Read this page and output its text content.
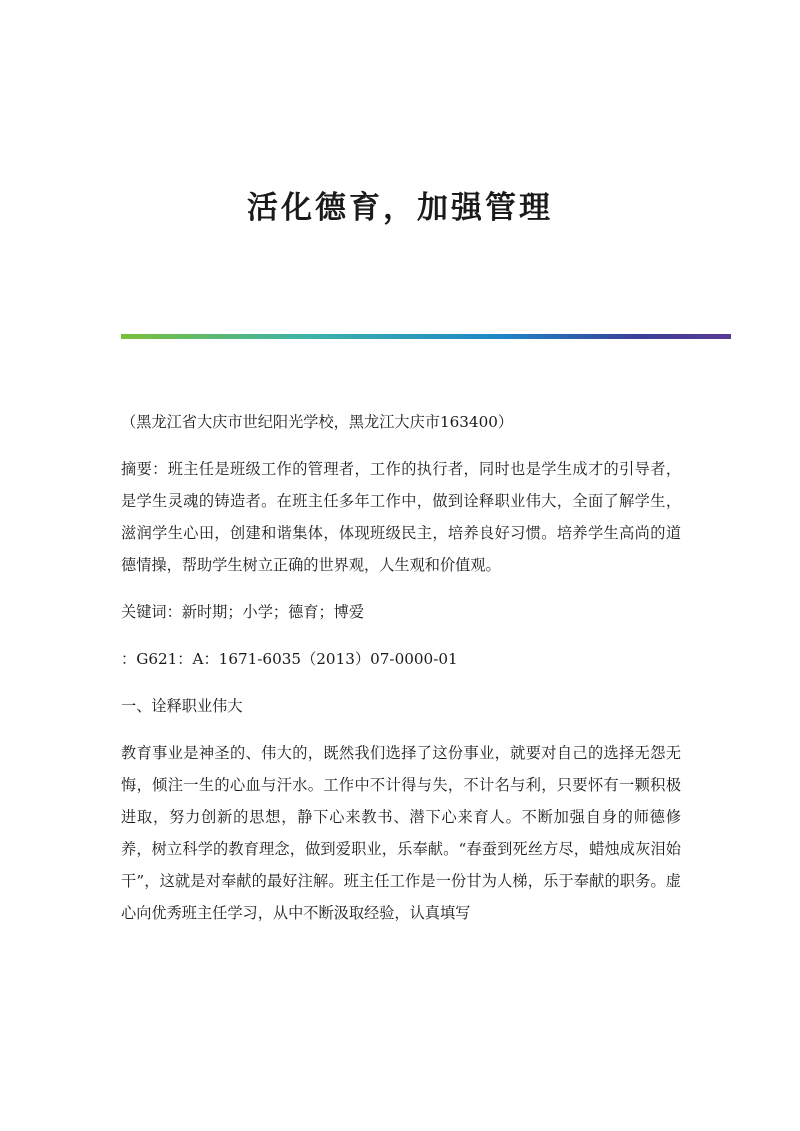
活化德育，加强管理

（黑龙江省大庆市世纪阳光学校，黑龙江大庆市163400）

摘要：班主任是班级工作的管理者，工作的执行者，同时也是学生成才的引导者，是学生灵魂的铸造者。在班主任多年工作中，做到诠释职业伟大，全面了解学生，滋润学生心田，创建和谐集体，体现班级民主，培养良好习惯。培养学生高尚的道德情操，帮助学生树立正确的世界观，人生观和价值观。

关键词：新时期；小学；德育；博爱

：G621：A：1671-6035（2013）07-0000-01

一、诠释职业伟大

教育事业是神圣的、伟大的，既然我们选择了这份事业，就要对自己的选择无怨无悔，倾注一生的心血与汗水。工作中不计得与失，不计名与利，只要怀有一颗积极进取，努力创新的思想，静下心来教书、潜下心来育人。不断加强自身的师德修养，树立科学的教育理念，做到爱职业，乐奉献。“春蚕到死丝方尽，蜡烛成灰泪始干”，这就是对奉献的最好注解。班主任工作是一份甘为人梯，乐于奉献的职务。虚心向优秀班主任学习，从中不断汲取经验，认真填写
